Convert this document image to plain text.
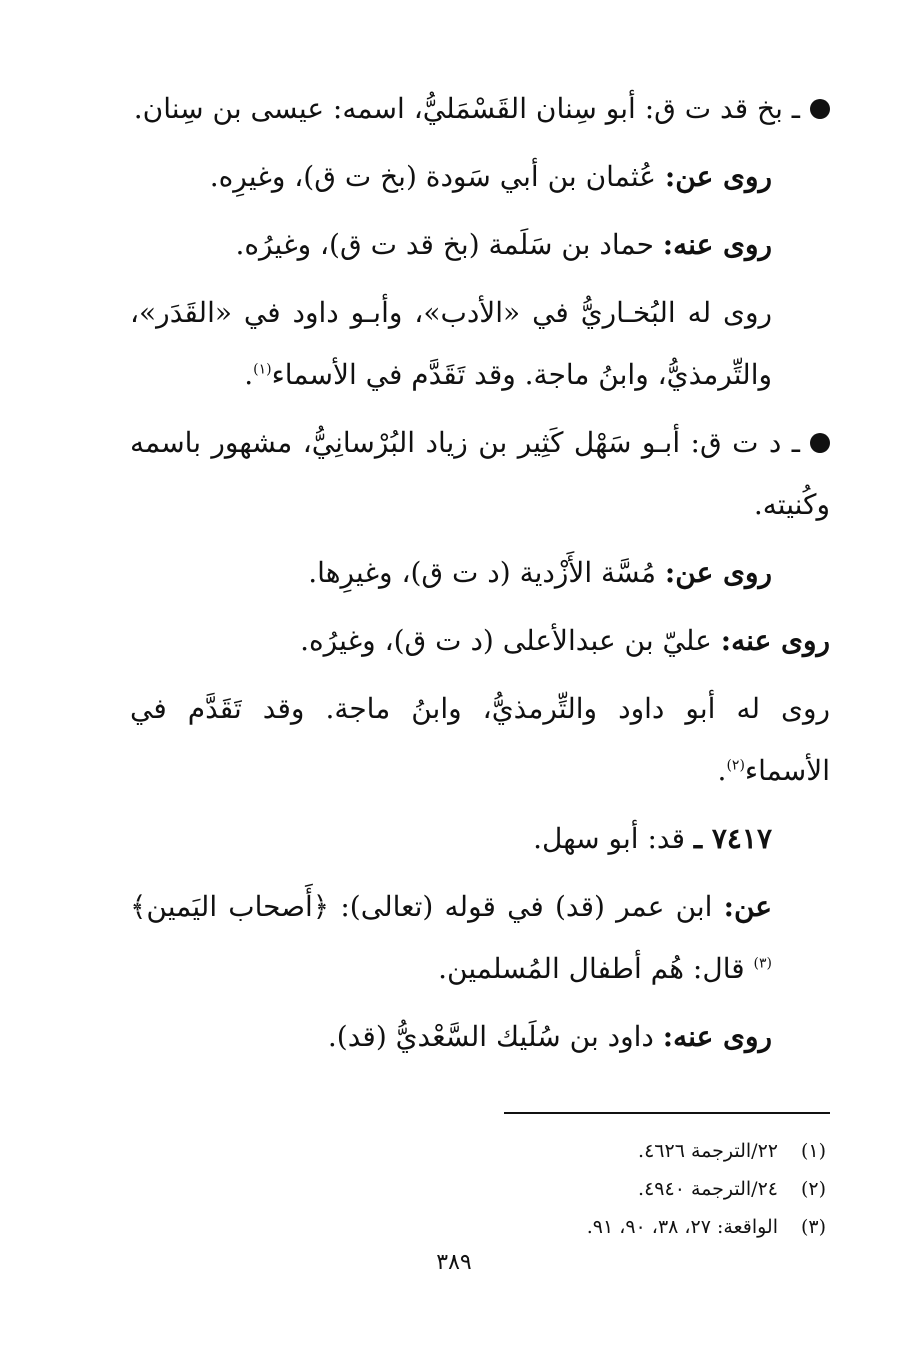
ـ بخ قد ت ق: أبو سِنان القَسْمَليُّ، اسمه: عيسى بن سِنان.

روى عن: عُثمان بن أبي سَودة (بخ ت ق)، وغيرِه.

روى عنه: حماد بن سَلَمة (بخ قد ت ق)، وغيرُه.

روى له البُخـاريُّ في «الأدب»، وأبـو داود في «القَدَر»، والتِّرمذيُّ، وابنُ ماجة. وقد تَقَدَّم في الأسماء$^{(١)}$.

ـ د ت ق: أبـو سَهْل كَثِير بن زياد البُرْسانِيُّ، مشهور باسمه وكُنيته.

روى عن: مُسَّة الأَزْدية (د ت ق)، وغيرِها.

روى عنه: عليّ بن عبدالأعلى (د ت ق)، وغيرُه.

روى له أبو داود والتِّرمذيُّ، وابنُ ماجة. وقد تَقَدَّم في الأسماء$^{(٢)}$.

٧٤١٧ ـ قد: أبو سهل.

عن: ابن عمر (قد) في قوله (تعالى): ﴿أَصحاب اليَمين﴾$^{(٣)}$ قال: هُم أطفال المُسلمين.

روى عنه: داود بن سُلَيك السَّعْديُّ (قد).

(١)٢٢/الترجمة ٤٦٢٦.
(٢)٢٤/الترجمة ٤٩٤٠.
(٣)الواقعة: ٢٧، ٣٨، ٩٠، ٩١.
٣٨٩
